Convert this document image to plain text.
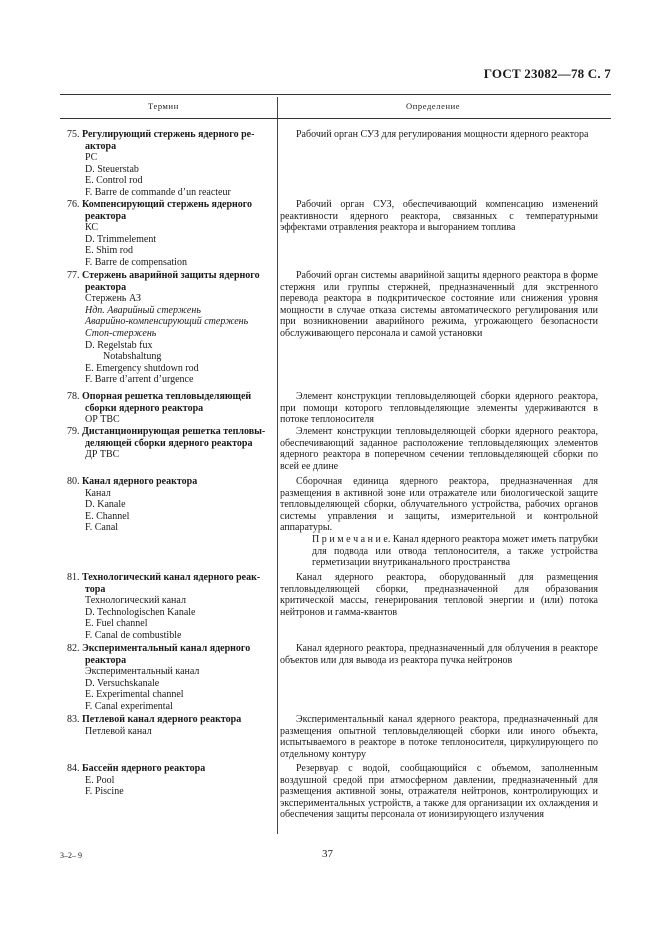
ГОСТ 23082—78 С. 7
Термин	Определение
75. Регулирующий стержень ядерного ре-
актора
РС
D. Steuerstab
E. Control rod
F. Barre de commande d’un reacteur

Рабочий орган СУЗ для регулирования мощности ядерного реактора

76. Компенсирующий стержень ядерного
реактора
КС
D. Trimmelement
E. Shim rod
F. Barre de compensation

Рабочий орган СУЗ, обеспечивающий компенсацию изменений реактивности ядерного реактора, связанных с температурными эффектами отравления реактора и выгоранием топлива

77. Стержень аварийной защиты ядерного
реактора
Стержень АЗ
Ндп. Аварийный стержень
Аварийно-компенсирующий стержень
Стоп-стержень
D. Regelstab fux
Notabshaltung
E. Emergency shutdown rod
F. Barre d’arrent d’urgence

Рабочий орган системы аварийной защиты ядерного реактора в форме стержня или группы стержней, предназначенный для экстренного перевода реактора в подкритическое состояние или снижения уровня мощности в случае отказа системы автоматического регулирования или при возникновении аварийного режима, угрожающего безопасности обслуживающего персонала и самой установки

78. Опорная решетка тепловыделяющей
сборки ядерного реактора
ОР ТВС

Элемент конструкции тепловыделяющей сборки ядерного реактора, при помощи которого тепловыделяющие элементы удерживаются в потоке теплоносителя

79. Дистанционирующая решетка тепловы-
деляющей сборки ядерного реактора
ДР ТВС

Элемент конструкции тепловыделяющей сборки ядерного реактора, обеспечивающий заданное расположение тепловыделяющих элементов ядерного реактора в поперечном сечении тепловыделяющей сборки по всей ее длине

80. Канал ядерного реактора
Канал
D. Kanale
E. Channel
F. Canal

Сборочная единица ядерного реактора, предназначенная для размещения в активной зоне или отражателе или биологической защите тепловыделяющей сборки, облучательного устройства, рабочих органов системы управления и защиты, измерительной и контрольной аппаратуры.

П р и м е ч а н и е. Канал ядерного реактора может иметь патрубки для подвода или отвода теплоносителя, а также устройства герметизации внутриканального пространства

81. Технологический канал ядерного реак-
тора
Технологический канал
D. Technologischen Kanale
E. Fuel channel
F. Canal de combustible

Канал ядерного реактора, оборудованный для размещения тепловыделяющей сборки, предназначенной для образования критической массы, генерирования тепловой энергии и (или) потока нейтронов и гамма-квантов

82. Экспериментальный канал ядерного
реактора
Экспериментальный канал
D. Versuchskanale
E. Experimental channel
F. Canal experimental

Канал ядерного реактора, предназначенный для облучения в реакторе объектов или для вывода из реактора пучка нейтронов

83. Петлевой канал ядерного реактора
Петлевой канал

Экспериментальный канал ядерного реактора, предназначенный для размещения опытной тепловыделяющей сборки или иного объекта, испытываемого в реакторе в потоке теплоносителя, циркулирующего по отдельному контуру

84. Бассейн ядерного реактора
E. Pool
F. Piscine

Резервуар с водой, сообщающийся с объемом, заполненным воздушной средой при атмосферном давлении, предназначенный для размещения активной зоны, отражателя нейтронов, контролирующих и экспериментальных устройств, а также для организации их охлаждения и обеспечения защиты персонала от ионизирующего излучения

3–2– 9	37
